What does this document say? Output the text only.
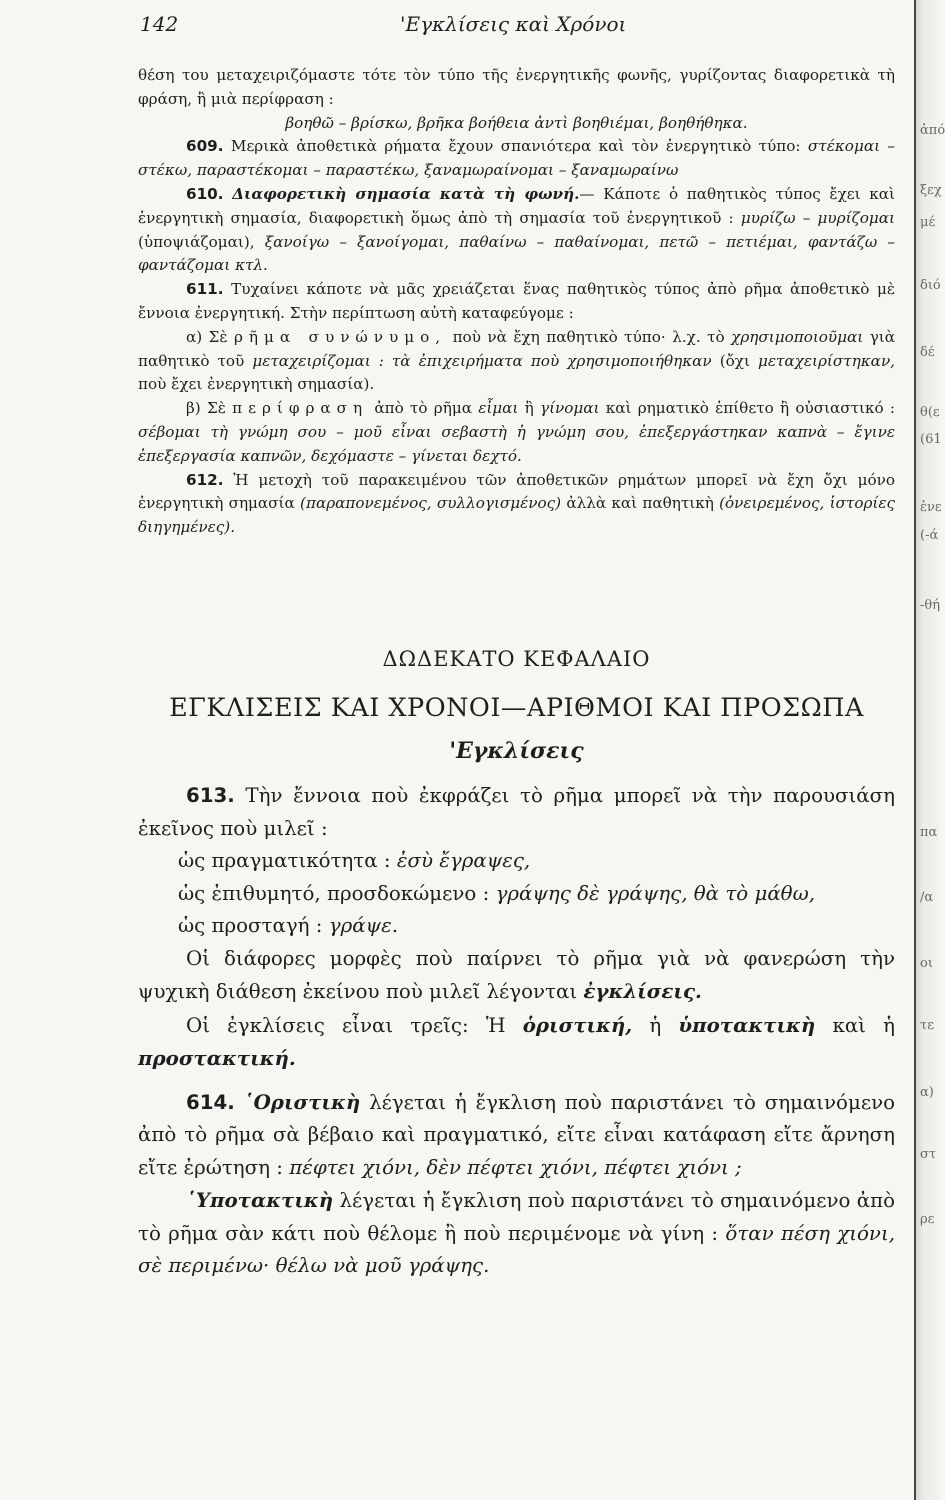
ἀπό
ξεχ
μέ
διό
δέ
θ(ε
(61
ἐνε
(-ά
-θή
πα
/α
οι
τε
α)
στ
ρε
142	'Εγκλίσεις καὶ Χρόνοι

θέση του μεταχειριζόμαστε τότε τὸν τύπο τῆς ἐνεργητικῆς φωνῆς, γυρίζοντας διαφορετικὰ τὴ φράση, ἢ μιὰ περίφραση :

βοηθῶ – βρίσκω, βρῆκα βοήθεια ἀντὶ βοηθιέμαι, βοηθήθηκα.

609. Μερικὰ ἀποθετικὰ ρήματα ἔχουν σπανιότερα καὶ τὸν ἐνεργητικὸ τύπο: στέκομαι – στέκω, παραστέκομαι – παραστέκω, ξαναμωραίνομαι – ξαναμωραίνω

610. Διαφορετικὴ σημασία κατὰ τὴ φωνή.— Κάποτε ὁ παθητικὸς τύπος ἔχει καὶ ἐνεργητικὴ σημασία, διαφορετικὴ ὅμως ἀπὸ τὴ σημασία τοῦ ἐνεργητικοῦ : μυρίζω – μυρίζομαι (ὑποψιάζομαι), ξανοίγω – ξανοίγομαι, παθαίνω – παθαίνομαι, πετῶ – πετιέμαι, φαντάζω – φαντάζομαι κτλ.

611. Τυχαίνει κάποτε νὰ μᾶς χρειάζεται ἕνας παθητικὸς τύπος ἀπὸ ρῆμα ἀποθετικὸ μὲ ἔννοια ἐνεργητική. Στὴν περίπτωση αὐτὴ καταφεύγομε :

α) Σὲ ρῆμα συνώνυμο, ποὺ νὰ ἔχη παθητικὸ τύπο· λ.χ. τὸ χρησιμοποιοῦμαι γιὰ παθητικὸ τοῦ μεταχειρίζομαι : τὰ ἐπιχειρήματα ποὺ χρησιμοποιήθηκαν (ὄχι μεταχειρίστηκαν, ποὺ ἔχει ἐνεργητικὴ σημασία).

β) Σὲ περίφραση ἀπὸ τὸ ρῆμα εἶμαι ἢ γίνομαι καὶ ρηματικὸ ἐπίθετο ἢ οὐσιαστικό : σέβομαι τὴ γνώμη σου – μοῦ εἶναι σεβαστὴ ἡ γνώμη σου, ἐπεξεργάστηκαν καπνὰ – ἔγινε ἐπεξεργασία καπνῶν, δεχόμαστε – γίνεται δεχτό.

612. Ἡ μετοχὴ τοῦ παρακειμένου τῶν ἀποθετικῶν ρημάτων μπορεῖ νὰ ἔχη ὄχι μόνο ἐνεργητικὴ σημασία (παραπονεμένος, συλλογισμένος) ἀλλὰ καὶ παθητικὴ (ὀνειρεμένος, ἱστορίες διηγημένες).

ΔΩΔΕΚΑΤΟ ΚΕΦΑΛΑΙΟ
ΕΓΚΛΙΣΕΙΣ ΚΑΙ ΧΡΟΝΟΙ—ΑΡΙΘΜΟΙ ΚΑΙ ΠΡΟΣΩΠΑ
'Εγκλίσεις

613. Τὴν ἔννοια ποὺ ἐκφράζει τὸ ρῆμα μπορεῖ νὰ τὴν παρουσιάση ἐκεῖνος ποὺ μιλεῖ :

ὡς πραγματικότητα : ἐσὺ ἔγραψες,

ὡς ἐπιθυμητό, προσδοκώμενο : γράψης δὲ γράψης, θὰ τὸ μάθω,

ὡς προσταγή : γράψε.

Οἱ διάφορες μορφὲς ποὺ παίρνει τὸ ρῆμα γιὰ νὰ φανερώση τὴν ψυχικὴ διάθεση ἐκείνου ποὺ μιλεῖ λέγονται ἐγκλίσεις.

Οἱ ἐγκλίσεις εἶναι τρεῖς: Ἡ ὁριστική, ἡ ὑποτακτικὴ καὶ ἡ προστακτική.

614. ῾Οριστικὴ λέγεται ἡ ἔγκλιση ποὺ παριστάνει τὸ σημαινόμενο ἀπὸ τὸ ρῆμα σὰ βέβαιο καὶ πραγματικό, εἴτε εἶναι κατάφαση εἴτε ἄρνηση εἴτε ἐρώτηση : πέφτει χιόνι, δὲν πέφτει χιόνι, πέφτει χιόνι ;

῾Υποτακτικὴ λέγεται ἡ ἔγκλιση ποὺ παριστάνει τὸ σημαινόμενο ἀπὸ τὸ ρῆμα σὰν κάτι ποὺ θέλομε ἢ ποὺ περιμένομε νὰ γίνη : ὅταν πέση χιόνι, σὲ περιμένω· θέλω νὰ μοῦ γράψης.
